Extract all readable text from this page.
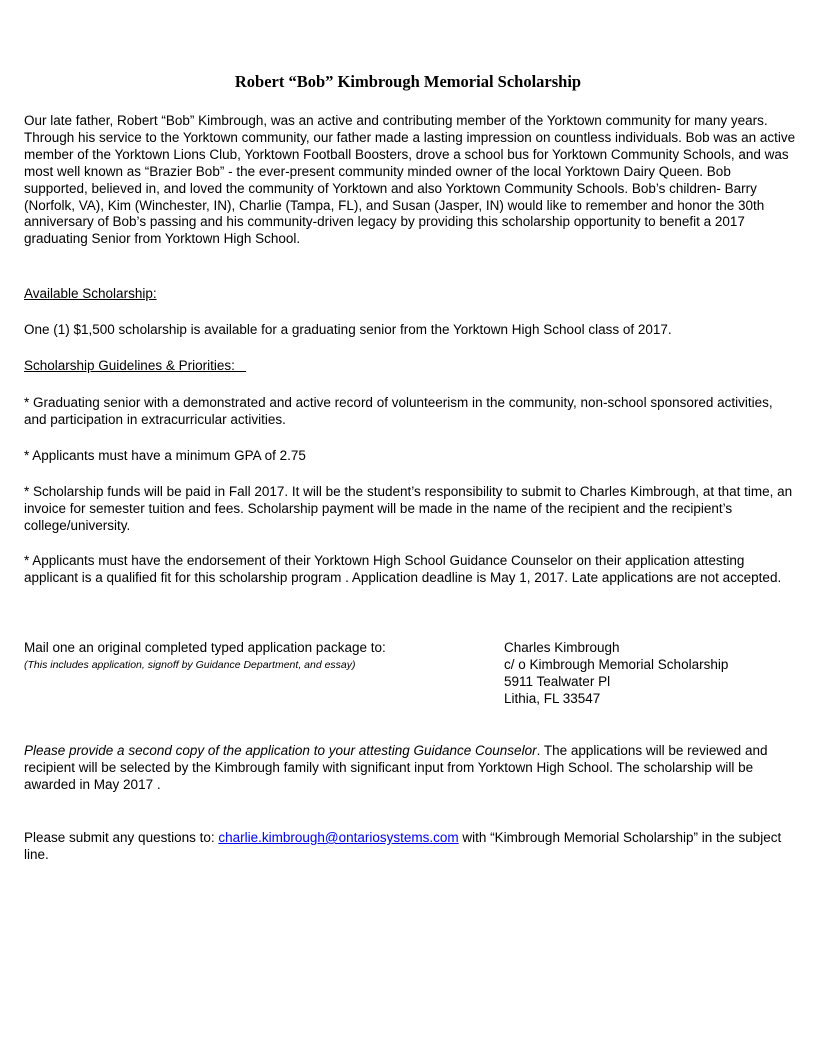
Robert “Bob” Kimbrough Memorial Scholarship

Our late father, Robert “Bob” Kimbrough, was an active and contributing member of the Yorktown community for many years. Through his service to the Yorktown community, our father made a lasting impression on countless individuals. Bob was an active member of the Yorktown Lions Club, Yorktown Football Boosters, drove a school bus for Yorktown Community Schools, and was most well known as “Brazier Bob” - the ever-present community minded owner of the local Yorktown Dairy Queen. Bob supported, believed in, and loved the community of Yorktown and also Yorktown Community Schools. Bob’s children- Barry (Norfolk, VA), Kim (Winchester, IN), Charlie (Tampa, FL), and Susan (Jasper, IN) would like to remember and honor the 30th anniversary of Bob’s passing and his community-driven legacy by providing this scholarship opportunity to benefit a 2017 graduating Senior from Yorktown High School.

Available Scholarship:

One (1) $1,500 scholarship is available for a graduating senior from the Yorktown High School class of 2017.

Scholarship Guidelines & Priorities:

* Graduating senior with a demonstrated and active record of volunteerism in the community, non-school sponsored activities, and participation in extracurricular activities.

* Applicants must have a minimum GPA of 2.75

* Scholarship funds will be paid in Fall 2017. It will be the student’s responsibility to submit to Charles Kimbrough, at that time, an invoice for semester tuition and fees. Scholarship payment will be made in the name of the recipient and the recipient’s college/university.

* Applicants must have the endorsement of their Yorktown High School Guidance Counselor on their application attesting applicant is a qualified fit for this scholarship program . Application deadline is May 1, 2017. Late applications are not accepted.

Mail one an original completed typed application package to:

(This includes application, signoff by Guidance Department, and essay)

Charles Kimbrough
c/ o Kimbrough Memorial Scholarship
5911 Tealwater Pl
Lithia, FL 33547

Please provide a second copy of the application to your attesting Guidance Counselor. The applications will be reviewed and recipient will be selected by the Kimbrough family with significant input from Yorktown High School. The scholarship will be awarded in May 2017 .

Please submit any questions to: charlie.kimbrough@ontariosystems.com with “Kimbrough Memorial Scholarship” in the subject line.
